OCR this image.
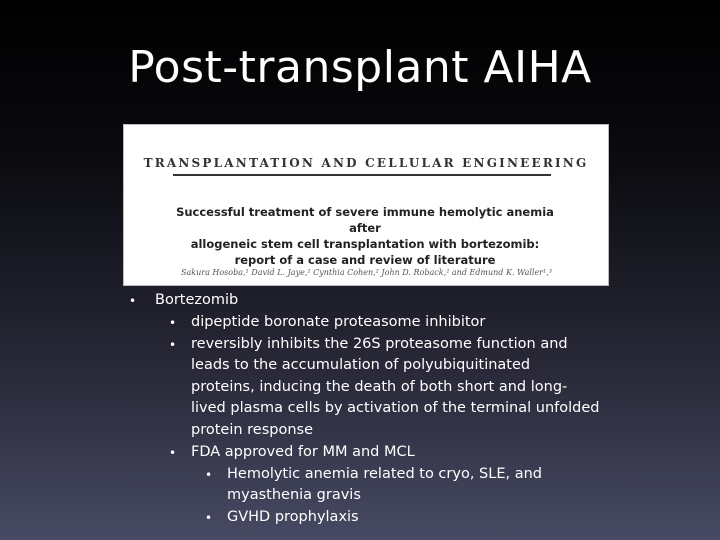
Post-transplant AIHA
TRANSPLANTATION AND CELLULAR ENGINEERING
Successful treatment of severe immune hemolytic anemia after
allogeneic stem cell transplantation with bortezomib:
report of a case and review of literature
Sakura Hosoba,¹ David L. Jaye,² Cynthia Cohen,² John D. Roback,² and Edmund K. Waller¹,³
• Bortezomib
• dipeptide boronate proteasome inhibitor
• reversibly inhibits the 26S proteasome function and
leads to the accumulation of polyubiquitinated
proteins, inducing the death of both short and long-
lived plasma cells by activation of the terminal unfolded
protein response
• FDA approved for MM and MCL
• Hemolytic anemia related to cryo, SLE, and
myasthenia gravis
• GVHD prophylaxis
